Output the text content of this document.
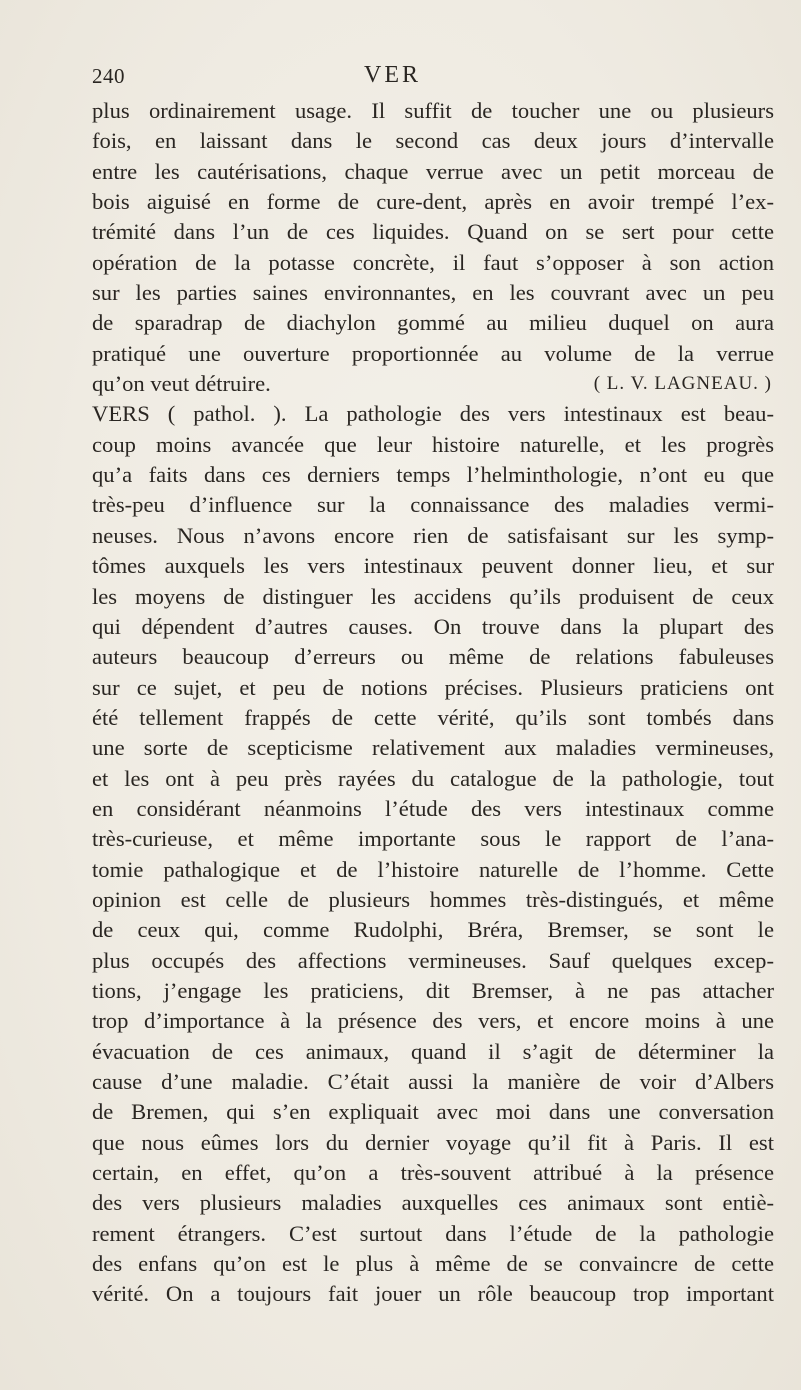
240	VER
plus ordinairement usage. Il suffit de toucher une ou plusieurs
fois, en laissant dans le second cas deux jours d’intervalle
entre les cautérisations, chaque verrue avec un petit morceau de
bois aiguisé en forme de cure-dent, après en avoir trempé l’ex-
trémité dans l’un de ces liquides. Quand on se sert pour cette
opération de la potasse concrète, il faut s’opposer à son action
sur les parties saines environnantes, en les couvrant avec un peu
de sparadrap de diachylon gommé au milieu duquel on aura
pratiqué une ouverture proportionnée au volume de la verrue
qu’on veut détruire.	( L. V. LAGNEAU. )
VERS ( pathol. ). La pathologie des vers intestinaux est beau-
coup moins avancée que leur histoire naturelle, et les progrès
qu’a faits dans ces derniers temps l’helminthologie, n’ont eu que
très-peu d’influence sur la connaissance des maladies vermi-
neuses. Nous n’avons encore rien de satisfaisant sur les symp-
tômes auxquels les vers intestinaux peuvent donner lieu, et sur
les moyens de distinguer les accidens qu’ils produisent de ceux
qui dépendent d’autres causes. On trouve dans la plupart des
auteurs beaucoup d’erreurs ou même de relations fabuleuses
sur ce sujet, et peu de notions précises. Plusieurs praticiens ont
été tellement frappés de cette vérité, qu’ils sont tombés dans
une sorte de scepticisme relativement aux maladies vermineuses,
et les ont à peu près rayées du catalogue de la pathologie, tout
en considérant néanmoins l’étude des vers intestinaux comme
très-curieuse, et même importante sous le rapport de l’ana-
tomie pathalogique et de l’histoire naturelle de l’homme. Cette
opinion est celle de plusieurs hommes très-distingués, et même
de ceux qui, comme Rudolphi, Bréra, Bremser, se sont le
plus occupés des affections vermineuses. Sauf quelques excep-
tions, j’engage les praticiens, dit Bremser, à ne pas attacher
trop d’importance à la présence des vers, et encore moins à une
évacuation de ces animaux, quand il s’agit de déterminer la
cause d’une maladie. C’était aussi la manière de voir d’Albers
de Bremen, qui s’en expliquait avec moi dans une conversation
que nous eûmes lors du dernier voyage qu’il fit à Paris. Il est
certain, en effet, qu’on a très-souvent attribué à la présence
des vers plusieurs maladies auxquelles ces animaux sont entiè-
rement étrangers. C’est surtout dans l’étude de la pathologie
des enfans qu’on est le plus à même de se convaincre de cette
vérité. On a toujours fait jouer un rôle beaucoup trop important
